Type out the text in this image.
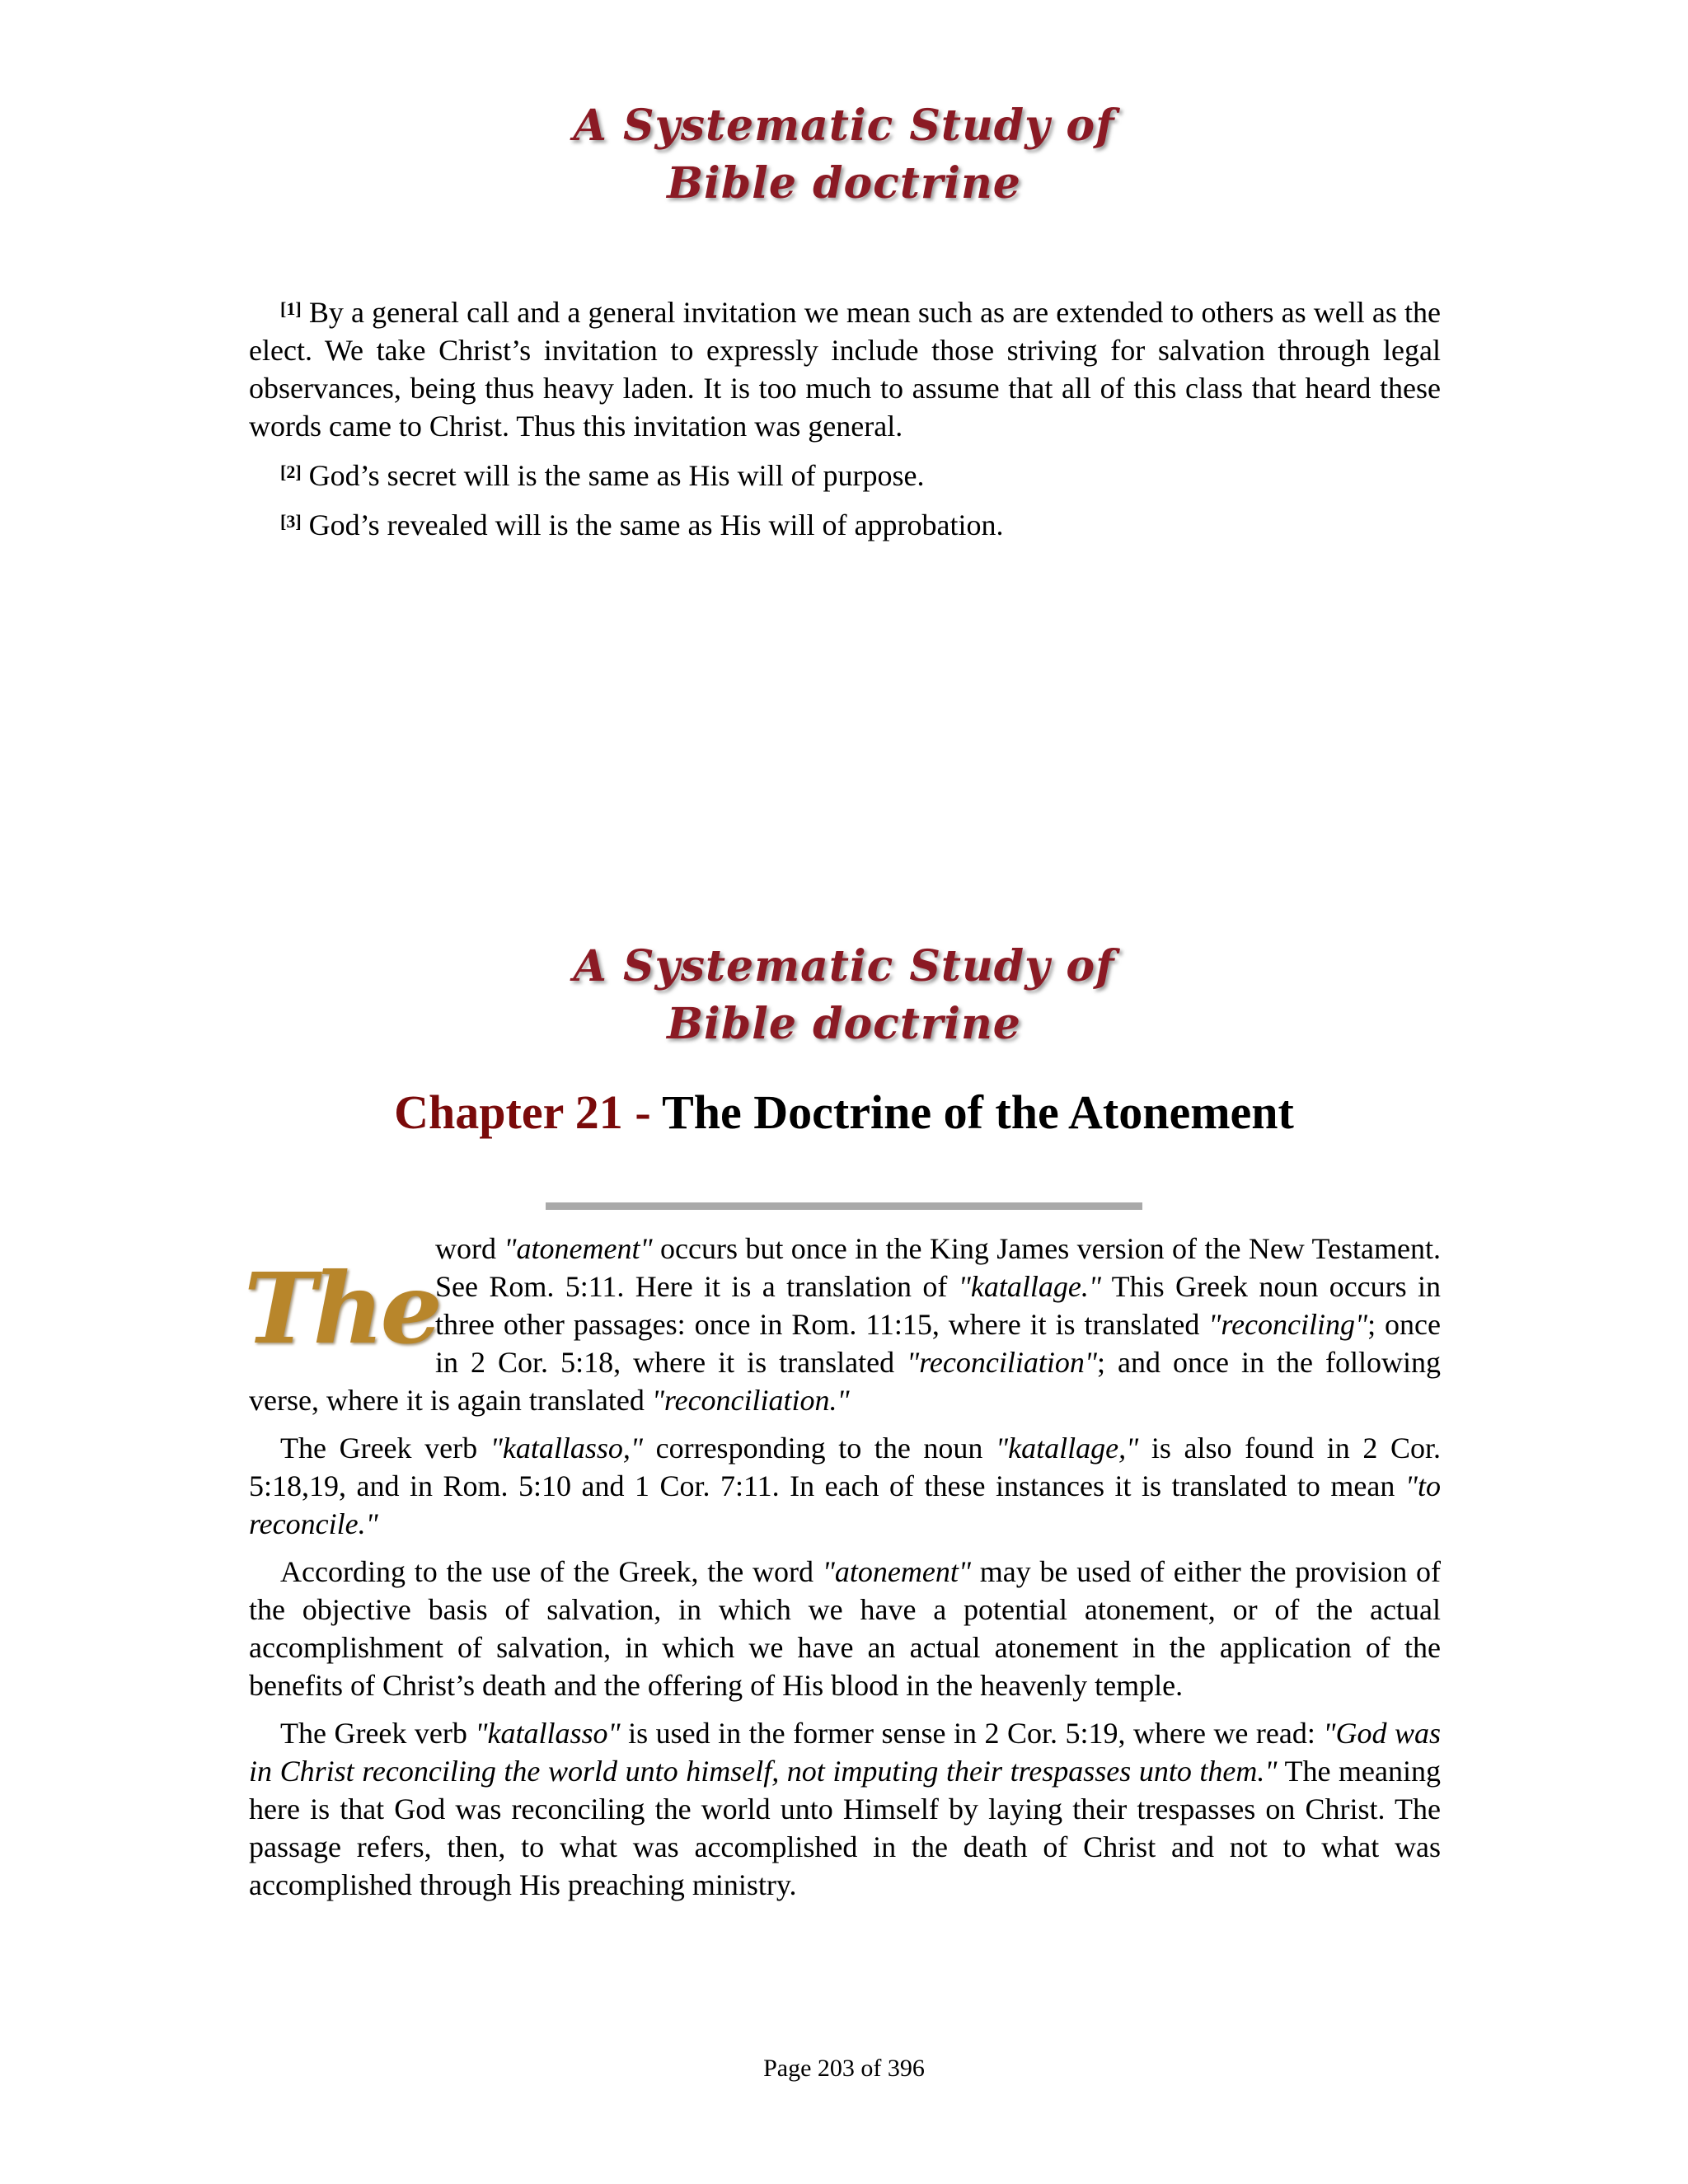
A Systematic Study of
Bible doctrine

[1] By a general call and a general invitation we mean such as are extended to others as well as the elect. We take Christ’s invitation to expressly include those striving for salvation through legal observances, being thus heavy laden. It is too much to assume that all of this class that heard these words came to Christ. Thus this invitation was general.

[2] God’s secret will is the same as His will of purpose.

[3] God’s revealed will is the same as His will of approbation.

A Systematic Study of
Bible doctrine
Chapter 21 - The Doctrine of the Atonement
The

word "atonement" occurs but once in the King James version of the New Testament. See Rom. 5:11. Here it is a translation of "katallage." This Greek noun occurs in three other passages: once in Rom. 11:15, where it is translated "reconciling"; once in 2 Cor. 5:18, where it is translated "reconciliation"; and once in the following verse, where it is again translated "reconciliation."

The Greek verb "katallasso," corresponding to the noun "katallage," is also found in 2 Cor. 5:18,19, and in Rom. 5:10 and 1 Cor. 7:11. In each of these instances it is translated to mean "to reconcile."

According to the use of the Greek, the word "atonement" may be used of either the provision of the objective basis of salvation, in which we have a potential atonement, or of the actual accomplishment of salvation, in which we have an actual atonement in the application of the benefits of Christ’s death and the offering of His blood in the heavenly temple.

The Greek verb "katallasso" is used in the former sense in 2 Cor. 5:19, where we read: "God was in Christ reconciling the world unto himself, not imputing their trespasses unto them." The meaning here is that God was reconciling the world unto Himself by laying their trespasses on Christ. The passage refers, then, to what was accomplished in the death of Christ and not to what was accomplished through His preaching ministry.

Page 203 of 396
